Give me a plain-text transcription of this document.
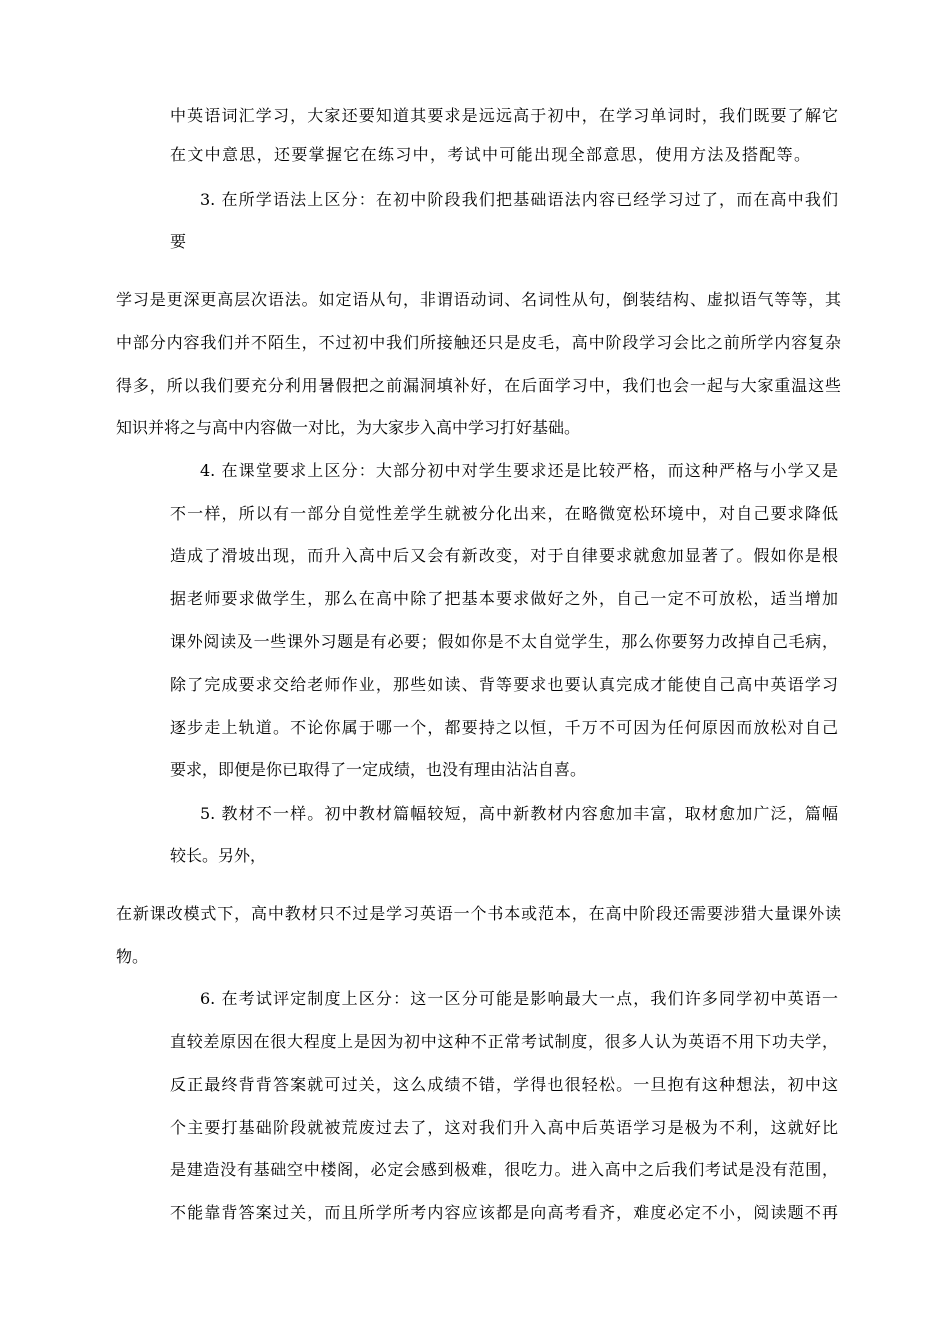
中英语词汇学习，大家还要知道其要求是远远高于初中，在学习单词时，我们既要了解它

在文中意思，还要掌握它在练习中，考试中可能出现全部意思，使用方法及搭配等。

3. 在所学语法上区分：在初中阶段我们把基础语法内容已经学习过了，而在高中我们

要

学习是更深更高层次语法。如定语从句，非谓语动词、名词性从句，倒装结构、虚拟语气等等，其

中部分内容我们并不陌生，不过初中我们所接触还只是皮毛，高中阶段学习会比之前所学内容复杂

得多，所以我们要充分利用暑假把之前漏洞填补好，在后面学习中，我们也会一起与大家重温这些

知识并将之与高中内容做一对比，为大家步入高中学习打好基础。

4. 在课堂要求上区分：大部分初中对学生要求还是比较严格，而这种严格与小学又是

不一样，所以有一部分自觉性差学生就被分化出来，在略微宽松环境中，对自己要求降低

造成了滑坡出现，而升入高中后又会有新改变，对于自律要求就愈加显著了。假如你是根

据老师要求做学生，那么在高中除了把基本要求做好之外，自己一定不可放松，适当增加

课外阅读及一些课外习题是有必要；假如你是不太自觉学生，那么你要努力改掉自己毛病，

除了完成要求交给老师作业，那些如读、背等要求也要认真完成才能使自己高中英语学习

逐步走上轨道。不论你属于哪一个，都要持之以恒，千万不可因为任何原因而放松对自己

要求，即便是你已取得了一定成绩，也没有理由沾沾自喜。

5. 教材不一样。初中教材篇幅较短，高中新教材内容愈加丰富，取材愈加广泛，篇幅

较长。另外，

在新课改模式下，高中教材只不过是学习英语一个书本或范本，在高中阶段还需要涉猎大量课外读

物。

6. 在考试评定制度上区分：这一区分可能是影响最大一点，我们许多同学初中英语一

直较差原因在很大程度上是因为初中这种不正常考试制度，很多人认为英语不用下功夫学，

反正最终背背答案就可过关，这么成绩不错，学得也很轻松。一旦抱有这种想法，初中这

个主要打基础阶段就被荒废过去了，这对我们升入高中后英语学习是极为不利，这就好比

是建造没有基础空中楼阁，必定会感到极难，很吃力。进入高中之后我们考试是没有范围，

不能靠背答案过关，而且所学所考内容应该都是向高考看齐，难度必定不小，阅读题不再
